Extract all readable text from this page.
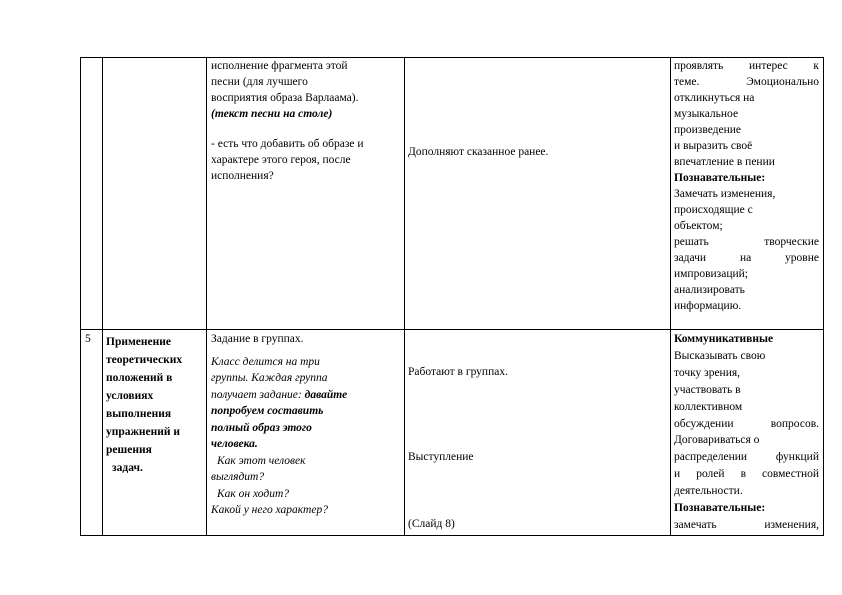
исполнение фрагмента этой
песни (для лучшего
восприятия образа Варлаама).
(текст песни на столе)
- есть что добавить об образе и
характере этого героя, после
исполнения?
Дополняют сказанное ранее.
проявлять интерес к
теме. Эмоционально
откликнуться на
музыкальное
произведение
и выразить своё
впечатление в пении
Познавательные:
Замечать изменения,
происходящие с
объектом;
решать творческие
задачи на уровне
импровизаций;
анализировать
информацию.
5	Применение
теоретических
положений в
условиях
выполнения
упражнений и
решения
задач.
Задание в группах.
Класс делится на три
группы. Каждая группа
получает задание: давайте
попробуем составить
полный образ этого
человека.
Как этот человек
выглядит?
Как он ходит?
Какой у него характер?
Работают в группах.
Выступление
(Слайд 8)
Коммуникативные
Высказывать свою
точку зрения,
участвовать в
коллективном
обсуждении вопросов.
Договариваться о
распределении функций
и ролей в совместной
деятельности.
Познавательные:
замечать изменения,
